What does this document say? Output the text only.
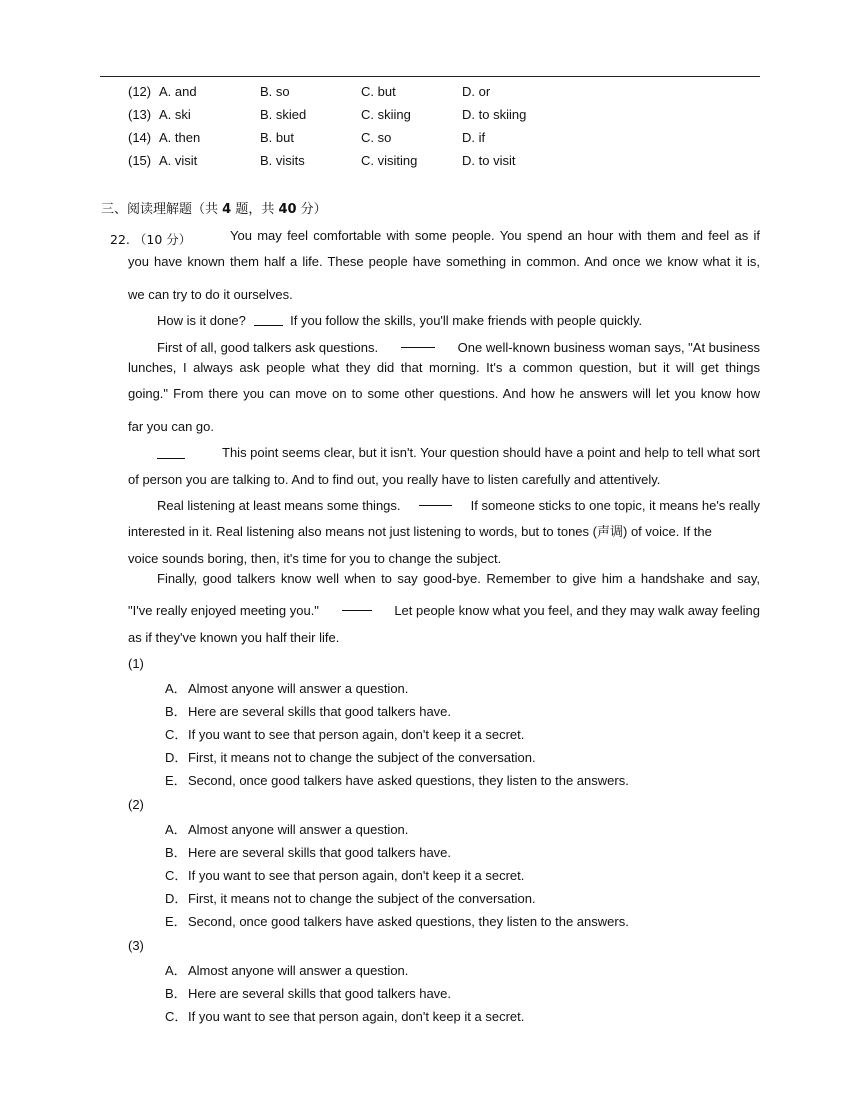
(12) A. and	B. so	C. but	D. or
(13) A. ski	B. skied	C. skiing	D. to skiing
(14) A. then	B. but	C. so	D. if
(15) A. visit	B. visits	C. visiting	D. to visit
三、阅读理解题（共 4 题，共 40 分）
22. （10 分）	You may feel comfortable with some people. You spend an hour with them and feel as if
you have known them half a life. These people have something in common. And once we know what it is,
we can try to do it ourselves.
How is it done?	If you follow the skills, you'll make friends with people quickly.
First of all, good talkers ask questions.	One well-known business woman says, "At business
lunches, I always ask people what they did that morning. It's a common question, but it will get things
going." From there you can move on to some other questions. And how he answers will let you know how
far you can go.
This point seems clear, but it isn't. Your question should have a point and help to tell what sort
of person you are talking to. And to find out, you really have to listen carefully and attentively.
Real listening at least means some things.	If someone sticks to one topic, it means he's really
interested in it. Real listening also means not just listening to words, but to tones (声调) of voice. If the
voice sounds boring, then, it's time for you to change the subject.
Finally, good talkers know well when to say good-bye. Remember to give him a handshake and say,
"I've really enjoyed meeting you."	Let people know what you feel, and they may walk away feeling
as if they've known you half their life.
(1)
A．Almost anyone will answer a question.
B．Here are several skills that good talkers have.
C．If you want to see that person again, don't keep it a secret.
D．First, it means not to change the subject of the conversation.
E．Second, once good talkers have asked questions, they listen to the answers.
(2)
A．Almost anyone will answer a question.
B．Here are several skills that good talkers have.
C．If you want to see that person again, don't keep it a secret.
D．First, it means not to change the subject of the conversation.
E．Second, once good talkers have asked questions, they listen to the answers.
(3)
A．Almost anyone will answer a question.
B．Here are several skills that good talkers have.
C．If you want to see that person again, don't keep it a secret.
